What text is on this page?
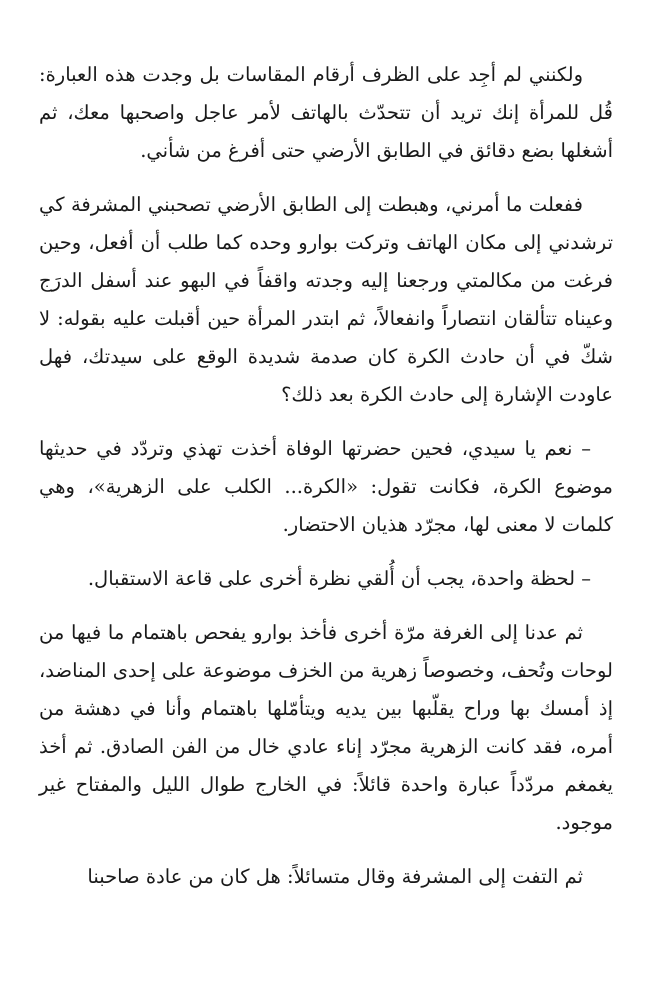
ولكنني لم أجِد على الظرف أرقام المقاسات بل وجدت هذه العبارة: قُل للمرأة إنك تريد أن تتحدّث بالهاتف لأمر عاجل واصحبها معك، ثم أشغلها بضع دقائق في الطابق الأرضي حتى أفرغ من شأني.

ففعلت ما أمرني، وهبطت إلى الطابق الأرضي تصحبني المشرفة كي ترشدني إلى مكان الهاتف وتركت بوارو وحده كما طلب أن أفعل، وحين فرغت من مكالمتي ورجعنا إليه وجدته واقفاً في البهو عند أسفل الدرَج وعيناه تتألقان انتصاراً وانفعالاً، ثم ابتدر المرأة حين أقبلت عليه بقوله: لا شكّ في أن حادث الكرة كان صدمة شديدة الوقع على سيدتك، فهل عاودت الإشارة إلى حادث الكرة بعد ذلك؟

– نعم يا سيدي، فحين حضرتها الوفاة أخذت تهذي وتردّد في حديثها موضوع الكرة، فكانت تقول: «الكرة... الكلب على الزهرية»، وهي كلمات لا معنى لها، مجرّد هذيان الاحتضار.

– لحظة واحدة، يجب أن أُلقي نظرة أخرى على قاعة الاستقبال.

ثم عدنا إلى الغرفة مرّة أخرى فأخذ بوارو يفحص باهتمام ما فيها من لوحات وتُحف، وخصوصاً زهرية من الخزف موضوعة على إحدى المناضد، إذ أمسك بها وراح يقلّبها بين يديه ويتأمّلها باهتمام وأنا في دهشة من أمره، فقد كانت الزهرية مجرّد إناء عادي خال من الفن الصادق. ثم أخذ يغمغم مردّداً عبارة واحدة قائلاً: في الخارج طوال الليل والمفتاح غير موجود.

ثم التفت إلى المشرفة وقال متسائلاً: هل كان من عادة صاحبنا
